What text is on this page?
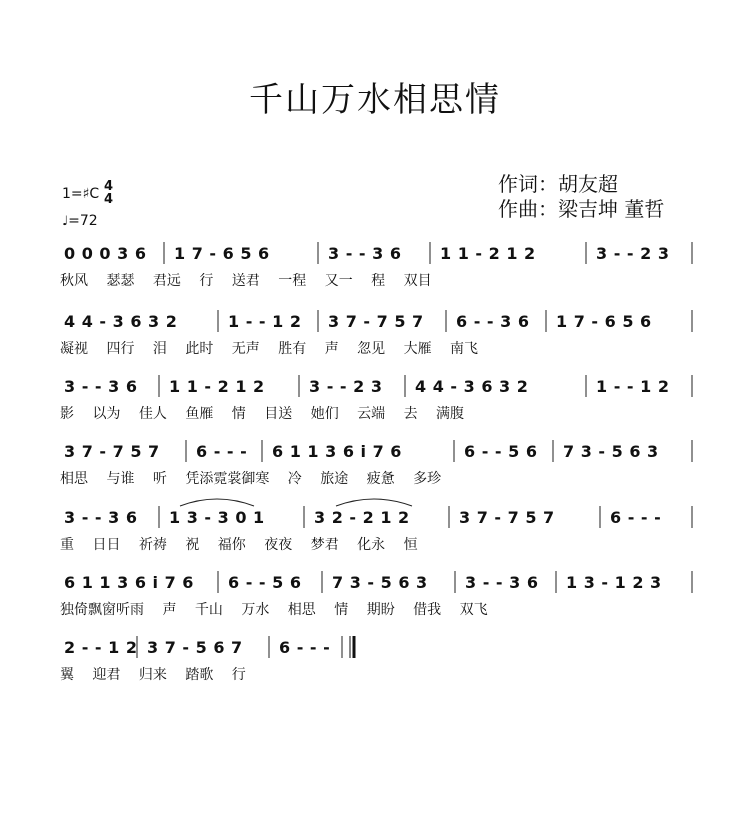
千山万水相思情
作词：胡友超
作曲：梁吉坤 董哲
1=♯C 4
4
♩=72
0 0 0 3 6 1 7 - 6 5 6	3 - - 3 6 1 1 - 2 1 2	3 - - 2 3
秋风 瑟瑟 君远 行 送君 一程 又一 程 双目
4 4 - 3 6 3 2	1 - - 1 2 3 7 - 7 5 7 6 - - 3 6 1 7 - 6 5 6
凝视 四行 泪 此时 无声 胜有 声 忽见 大雁 南飞
3 - - 3 6 1 1 - 2 1 2	3 - - 2 3 4 4 - 3 6 3 2	1 - - 1 2
影 以为 佳人 鱼雁 情 目送 她们 云端 去 满腹
3 7 - 7 5 7 6 - - - 6 1 1 3 6 i 7 6	6 - - 5 6 7 3 - 5 6 3
相思 与谁 听 凭添霓裳御寒 冷 旅途 疲惫 多珍
3 - - 3 6 1 3 - 3 0 1	3 2 - 2 1 2	3 7 - 7 5 7	6 - - -
重 日日 祈祷 祝 福你 夜夜 梦君 化永 恒
6 1 1 3 6 i 7 6 6 - - 5 6 7 3 - 5 6 3 3 - - 3 6 1 3 - 1 2 3
独倚飘窗听雨 声 千山 万水 相思 情 期盼 借我 双飞
2 - - 1 2 3 7 - 5 6 7 6 - - -
翼 迎君 归来 踏歌 行
